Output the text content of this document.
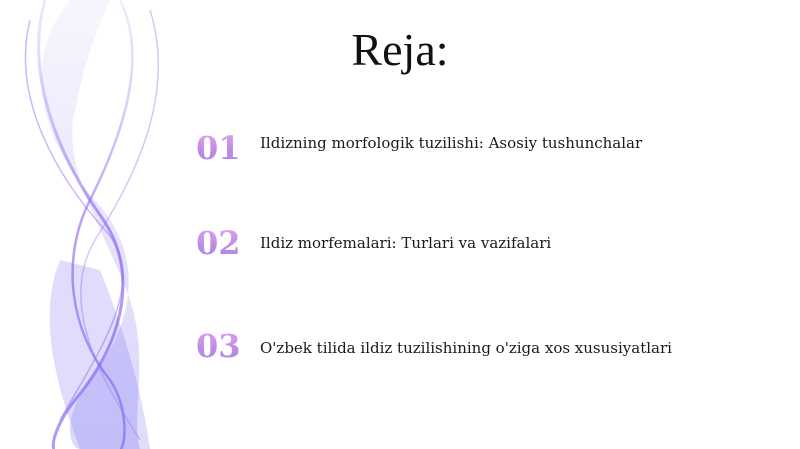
Reja:
01	Ildizning morfologik tuzilishi: Asosiy tushunchalar
02	Ildiz morfemalari: Turlari va vazifalari
03	O'zbek tilida ildiz tuzilishining o'ziga xos xususiyatlari
